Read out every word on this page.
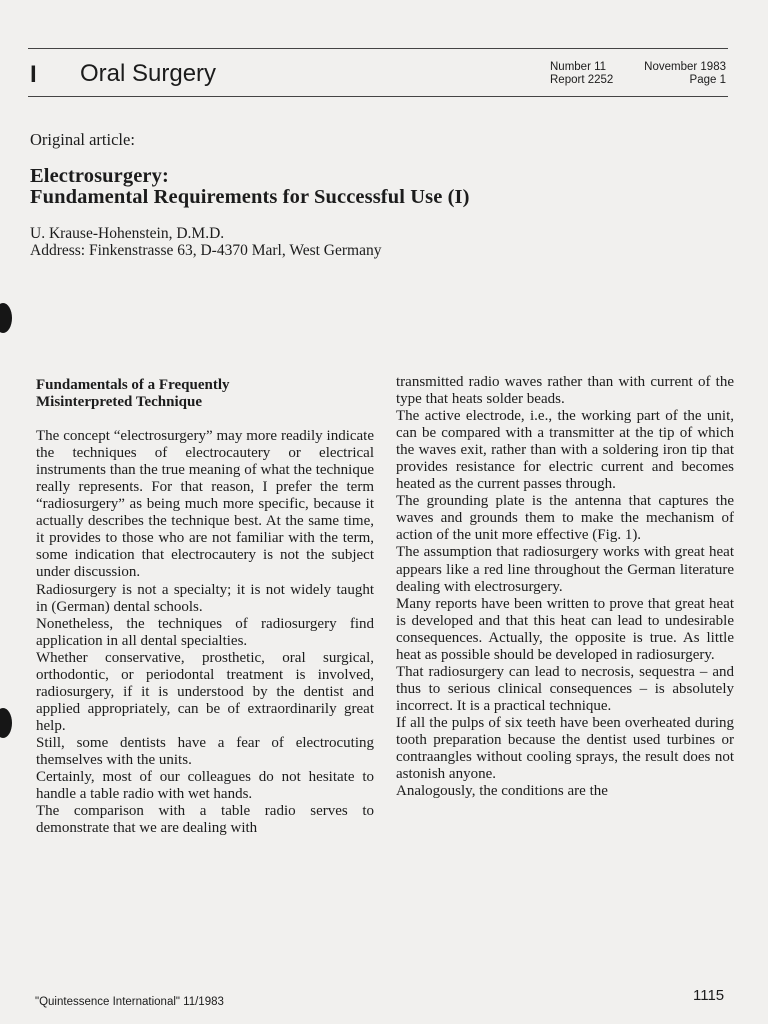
I Oral Surgery	Number 11	November 1983
Report 2252	Page 1
Original article:
Electrosurgery:
Fundamental Requirements for Successful Use (I)
U. Krause-Hohenstein, D.M.D.
Address: Finkenstrasse 63, D-4370 Marl, West Germany
Fundamentals of a Frequently
Misinterpreted Technique
The concept “electrosurgery” may more readily indicate the techniques of electrocautery or electrical instruments than the true meaning of what the technique really represents. For that reason, I prefer the term “radiosurgery” as being much more specific, because it actually describes the technique best. At the same time, it provides to those who are not familiar with the term, some indication that electrocautery is not the subject under discussion.
Radiosurgery is not a specialty; it is not widely taught in (German) dental schools.
Nonetheless, the techniques of radiosurgery find application in all dental specialties.
Whether conservative, prosthetic, oral surgical, orthodontic, or periodontal treatment is involved, radiosurgery, if it is understood by the dentist and applied appropriately, can be of extraordinarily great help.
Still, some dentists have a fear of electrocuting themselves with the units.
Certainly, most of our colleagues do not hesitate to handle a table radio with wet hands.
The comparison with a table radio serves to demonstrate that we are dealing with
transmitted radio waves rather than with current of the type that heats solder beads.
The active electrode, i.e., the working part of the unit, can be compared with a transmitter at the tip of which the waves exit, rather than with a soldering iron tip that provides resistance for electric current and becomes heated as the current passes through.
The grounding plate is the antenna that captures the waves and grounds them to make the mechanism of action of the unit more effective (Fig. 1).
The assumption that radiosurgery works with great heat appears like a red line throughout the German literature dealing with electrosurgery.
Many reports have been written to prove that great heat is developed and that this heat can lead to undesirable consequences. Actually, the opposite is true. As little heat as possible should be developed in radiosurgery.
That radiosurgery can lead to necrosis, sequestra – and thus to serious clinical consequences – is absolutely incorrect. It is a practical technique.
If all the pulps of six teeth have been overheated during tooth preparation because the dentist used turbines or contraangles without cooling sprays, the result does not astonish anyone.
Analogously, the conditions are the
"Quintessence International" 11/1983	1115
